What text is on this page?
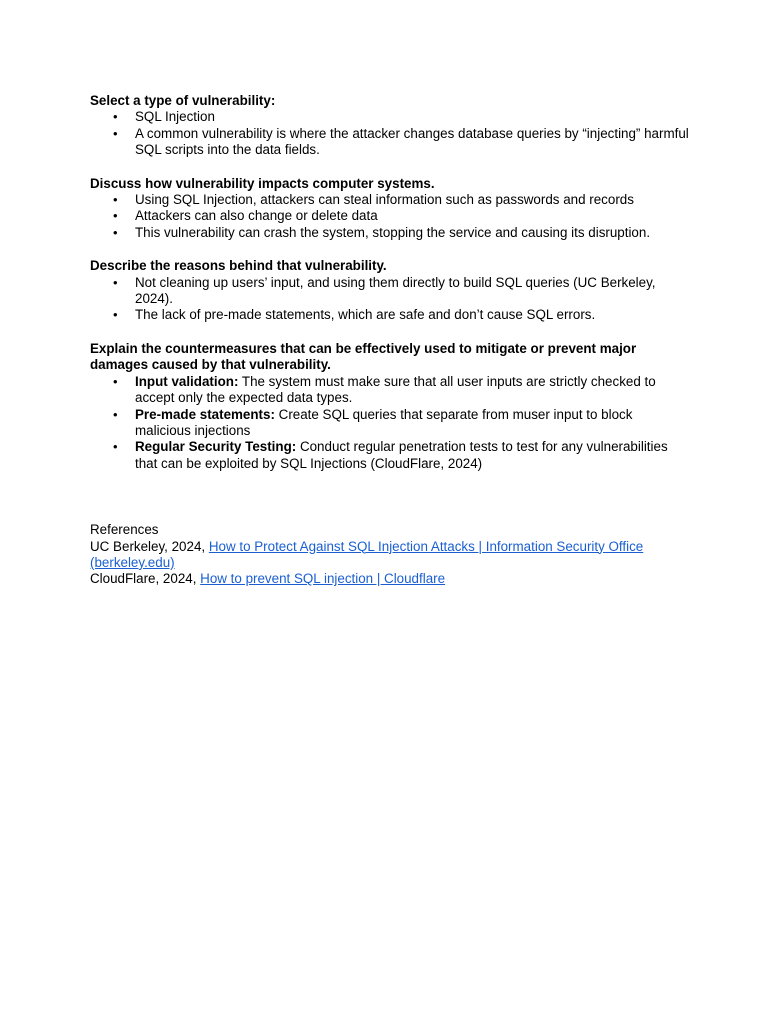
Select a type of vulnerability:

• SQL Injection
• A common vulnerability is where the attacker changes database queries by “injecting” harmful SQL scripts into the data fields.

Discuss how vulnerability impacts computer systems.

• Using SQL Injection, attackers can steal information such as passwords and records
• Attackers can also change or delete data
• This vulnerability can crash the system, stopping the service and causing its disruption.

Describe the reasons behind that vulnerability.

• Not cleaning up users’ input, and using them directly to build SQL queries (UC Berkeley, 2024).
• The lack of pre-made statements, which are safe and don’t cause SQL errors.

Explain the countermeasures that can be effectively used to mitigate or prevent major damages caused by that vulnerability.

• Input validation: The system must make sure that all user inputs are strictly checked to accept only the expected data types.
• Pre-made statements: Create SQL queries that separate from muser input to block malicious injections
• Regular Security Testing: Conduct regular penetration tests to test for any vulnerabilities that can be exploited by SQL Injections (CloudFlare, 2024)

References

UC Berkeley, 2024, How to Protect Against SQL Injection Attacks | Information Security Office (berkeley.edu)

CloudFlare, 2024, How to prevent SQL injection | Cloudflare
